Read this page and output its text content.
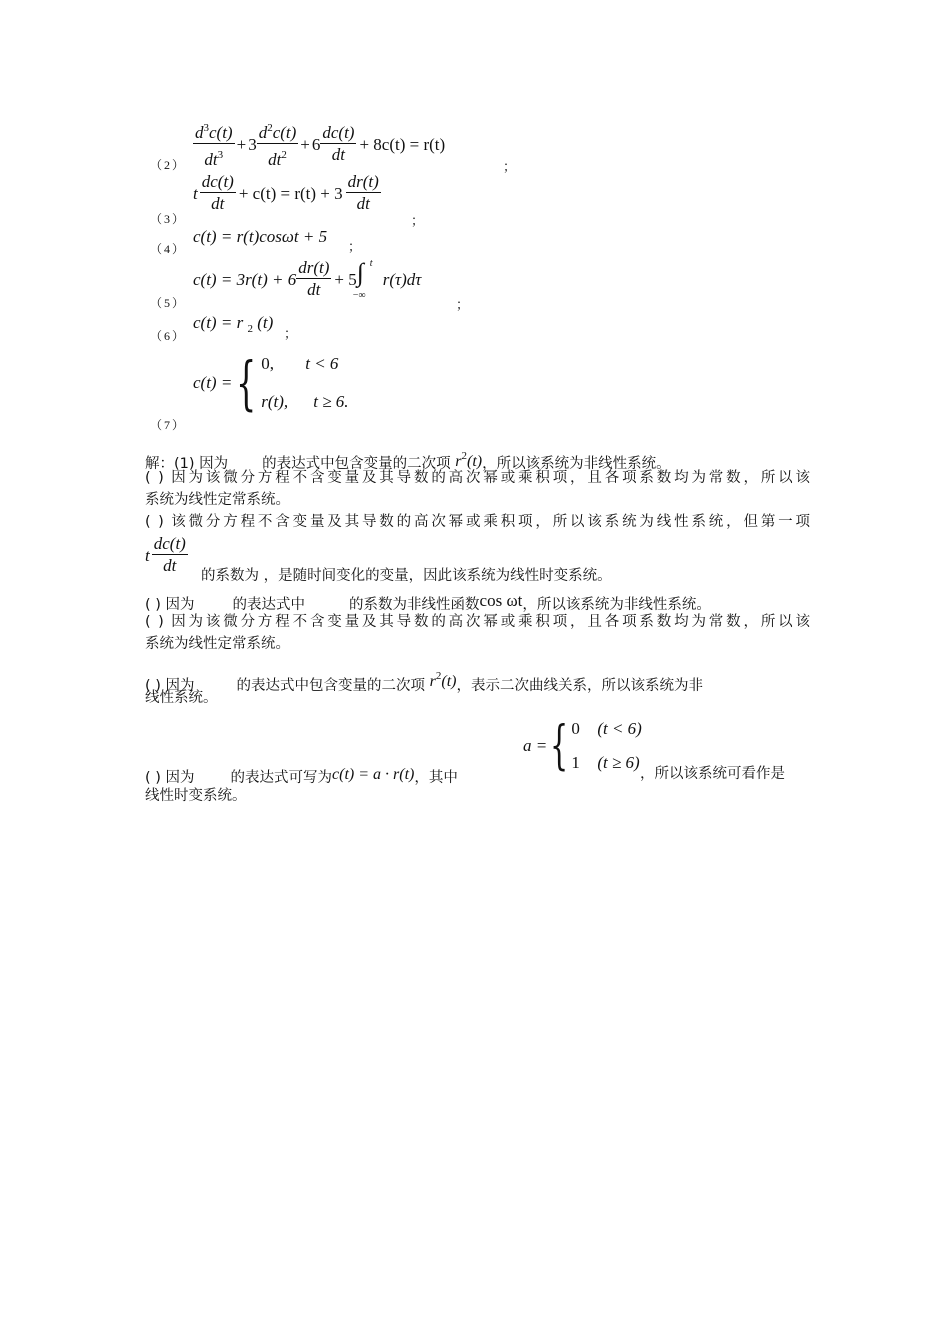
$\frac{d^3c(t)}{dt^3} + 3 \frac{d^2c(t)}{dt^2} + 6 \frac{dc(t)}{dt} + 8c(t) = r(t)$
（2）	；
t $\frac{dc(t)}{dt} + c(t) = r(t) + 3 \frac{dr(t)}{dt}$
（3）	；
（4）
c(t) = r(t)cosωt + 5
；
$c(t) = 3r(t) + 6 \frac{dr(t)}{dt} + 5$ ∫ t
−∞
r(τ)dτ
（5）	；
（6）
c(t) = r $_2$ (t)
；
c(t) = { 0, t < 6
r(t), t ≥ 6.
（7）
解：(1) 因为 的表达式中包含变量的二次项 $r^2(t)$，所以该系统为非线性系统。
( ) 因为该微分方程不含变量及其导数的高次幂或乘积项，且各项系数均为常数，所以该
系统为线性定常系统。
( ) 该微分方程不含变量及其导数的高次幂或乘积项，所以该系统为线性系统，但第一项
t $\frac{dc(t)}{dt}$ 的系数为 ，是随时间变化的变量，因此该系统为线性时变系统。
( ) 因为	的表达式中	的系数为非线性函数cos ωt，所以该系统为非线性系统。
( ) 因为该微分方程不含变量及其导数的高次幂或乘积项，且各项系数均为常数，所以该
系统为线性定常系统。
( ) 因为	的表达式中包含变量的二次项 $r^2(t)$，表示二次曲线关系，所以该系统为非
线性系统。
a = { 0 (t < 6)
1 (t ≥ 6)
( ) 因为 的表达式可写为c(t) = a · r(t)，其中	，所以该系统可看作是
线性时变系统。
